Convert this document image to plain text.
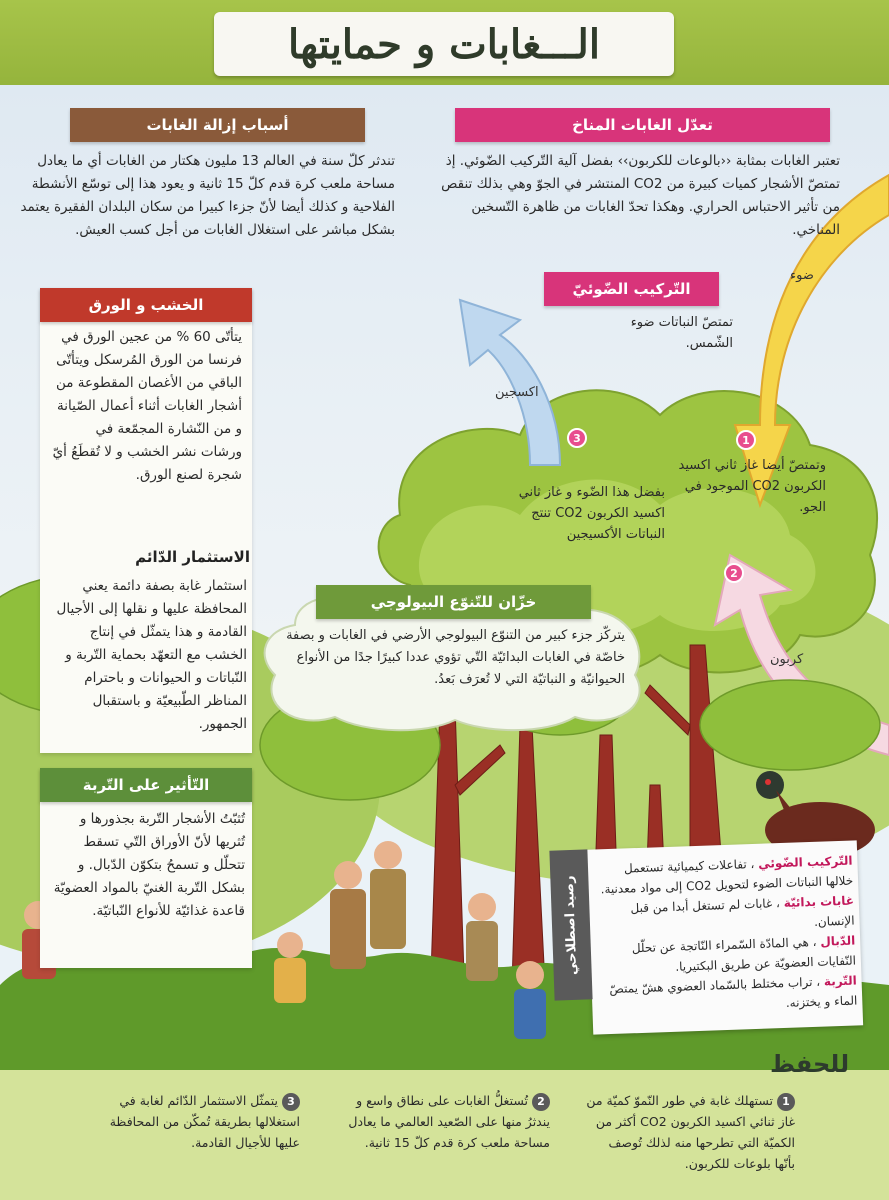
الـــغابات و حمايتها
تعدّل الغابات المناخ
تعتبر الغابات بمثابة ‹‹بالوعات للكربون›› بفضل آلية التّركيب الضّوئي. إذ تمتصّ الأشجار كميات كبيرة من CO2 المنتشر في الجوّ وهي بذلك تنقص من تأثير الاحتباس الحراري. وهكذا تحدّ الغابات من ظاهرة التّسخين المناخي.
أسباب إزالة الغابات
تندثر كلّ سنة في العالم 13 مليون هكتار من الغابات أي ما يعادل مساحة ملعب كرة قدم كلّ 15 ثانية و يعود هذا إلى توسّع الأنشطة الفلاحية و كذلك أيضا لأنّ جزءا كبيرا من سكان البلدان الفقيرة يعتمد بشكل مباشر على استغلال الغابات من أجل كسب العيش.
الخشب و الورق
يتأتّى 60 % من عجين الورق في فرنسا من الورق المُرسكل ويتأتّى الباقي من الأغصان المقطوعة من أشجار الغابات أثناء أعمال الصّيانة و من النّشارة المجمّعة في ورشات نشر الخشب و لا تُقطَعُ أيّ شجرة لصنع الورق.
الاستثمار الدّائم
استثمار غابة بصفة دائمة يعني المحافظة عليها و نقلها إلى الأجيال القادمة و هذا يتمثّل في إنتاج الخشب مع التعهّد بحماية التّربة و النّباتات و الحيوانات و باحترام المناظر الطّبيعيّة و باستقبال الجمهور.
التّأثير على التّربة
تُثبّتُ الأشجار التّربة بجذورها و تُثريها لأنّ الأوراق التّي تسقط تتحلّل و تسمحُ بتكوّن الدّبال. و بشكل التّربة الغنيّ بالمواد العضويّة قاعدة غذائيّة للأنواع النّباتيّة.
التّركيب الضّوئيّ
ضوء
اكسجين
كربون
تمتصّ النباتات ضوء الشّمس.
1
وتمتصّ أيضا غاز ثاني اكسيد الكربون CO2 الموجود في الجو.
2
3
بفضل هذا الضّوء و غاز ثاني اكسيد الكربون CO2 تنتج النباتات الأكسيجين
خزّان للتّنوّع البيولوجي
يتركّز جزء كبير من التنوّع البيولوجي الأرضي في الغابات و بصفة خاصّة في الغابات البدائيّة التّي تؤوي عددا كبيرًا جدًا من الأنواع الحيوانيّة و النباتيّة التي لا تُعرَف بَعدُ.
رصيد اصطلاحي
التّركيب الضّوئي ، تفاعلات كيميائية تستعمل خلالها النباتات الضوء لتحويل CO2 إلى مواد معدنية.
غابات بدائيّة ، غابات لم تستغل أبدا من قبل الإنسان.
الدّبال ، هي المادّة السّمراء النّاتجة عن تحلّل النّفايات العضويّة عن طريق البكتيريا.
التّربة ، تراب مختلط بالسّماد العضوي هشّ يمتصّ الماء و يختزنه.
للحفظ
1تستهلك غابة في طور النّموّ كميّة من غاز ثنائي اكسيد الكربون CO2 أكثر من الكميّة التي تطرحها منه لذلك تُوصف بأنّها بلوعات للكربون.
2تُستغلُّ الغابات على نطاق واسع و يندثرُ منها على الصّعيد العالمي ما يعادل مساحة ملعب كرة قدم كلّ 15 ثانية.
3يتمثّل الاستثمار الدّائم لغابة في استغلالها بطريقة تُمكّن من المحافظة عليها للأجيال القادمة.
